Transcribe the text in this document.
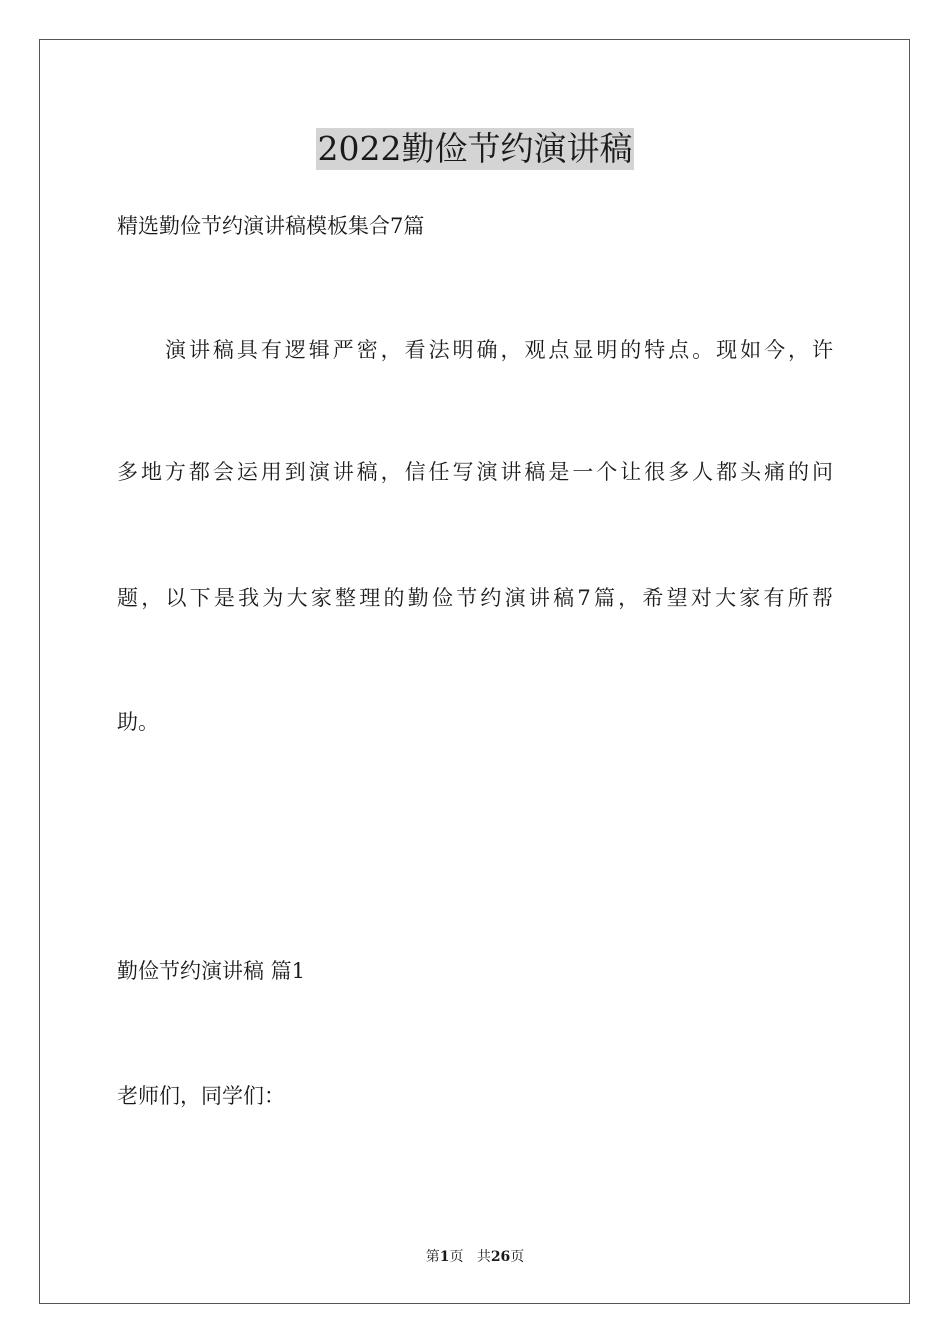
2022勤俭节约演讲稿
精选勤俭节约演讲稿模板集合7篇
演讲稿具有逻辑严密，看法明确，观点显明的特点。现如今，许
多地方都会运用到演讲稿，信任写演讲稿是一个让很多人都头痛的问
题，以下是我为大家整理的勤俭节约演讲稿7篇，希望对大家有所帮
助。
勤俭节约演讲稿 篇1
老师们，同学们：
第1页 共26页
